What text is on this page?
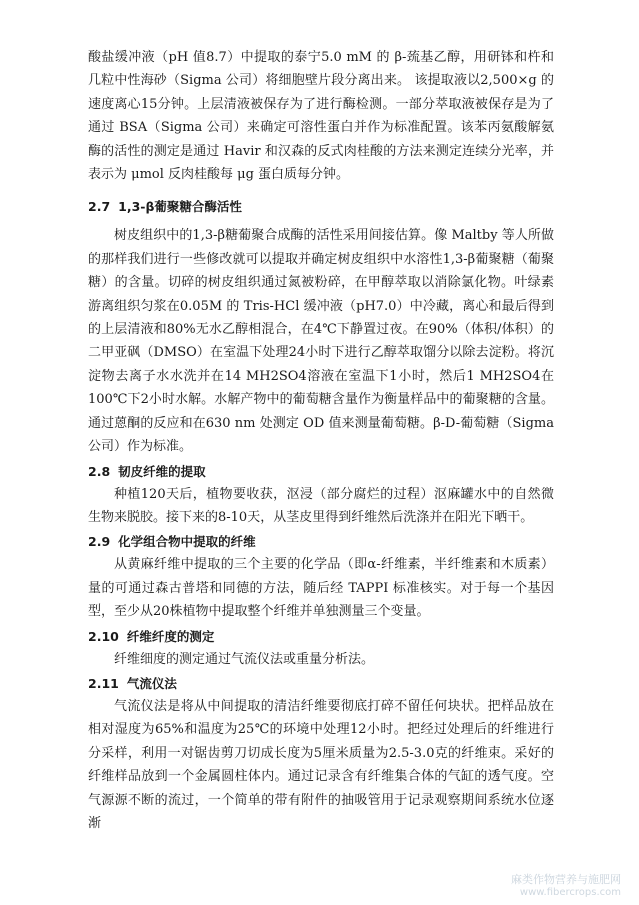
酸盐缓冲液（pH 值8.7）中提取的泰宁5.0 mM 的 β-巯基乙醇，用研钵和杵和几粒中性海砂（Sigma 公司）将细胞壁片段分离出来。 该提取液以2,500×g 的速度离心15分钟。上层清液被保存为了进行酶检测。一部分萃取液被保存是为了通过 BSA（Sigma 公司）来确定可溶性蛋白并作为标准配置。该苯丙氨酸解氨酶的活性的测定是通过 Havir 和汉森的反式肉桂酸的方法来测定连续分光率，并表示为 μmol 反肉桂酸每 μg 蛋白质每分钟。

2.7 1,3-β葡聚糖合酶活性

树皮组织中的1,3-β糖葡聚合成酶的活性采用间接估算。像 Maltby 等人所做的那样我们进行一些修改就可以提取并确定树皮组织中水溶性1,3-β葡聚糖（葡聚糖）的含量。切碎的树皮组织通过氮被粉碎，在甲醇萃取以消除氯化物。叶绿素游离组织匀浆在0.05M 的 Tris-HCl 缓冲液（pH7.0）中冷藏，离心和最后得到的上层清液和80%无水乙醇相混合，在4℃下静置过夜。在90%（体积/体积）的二甲亚砜（DMSO）在室温下处理24小时下进行乙醇萃取馏分以除去淀粉。将沉淀物去离子水水洗并在14 MH2SO4溶液在室温下1小时，然后1 MH2SO4在100℃下2小时水解。水解产物中的葡萄糖含量作为衡量样品中的葡聚糖的含量。通过蒽酮的反应和在630 nm 处测定 OD 值来测量葡萄糖。β-D-葡萄糖（Sigma 公司）作为标准。

2.8 韧皮纤维的提取

种植120天后，植物要收获，沤浸（部分腐烂的过程）沤麻罐水中的自然微生物来脱胶。接下来的8-10天，从茎皮里得到纤维然后洗涤并在阳光下晒干。

2.9 化学组合物中提取的纤维

从黄麻纤维中提取的三个主要的化学品（即α-纤维素，半纤维素和木质素）量的可通过森古普塔和同德的方法，随后经 TAPPI 标准核实。对于每一个基因型，至少从20株植物中提取整个纤维并单独测量三个变量。

2.10 纤维纤度的测定

纤维细度的测定通过气流仪法或重量分析法。

2.11 气流仪法

气流仪法是将从中间提取的清洁纤维要彻底打碎不留任何块状。把样品放在相对湿度为65%和温度为25℃的环境中处理12小时。把经过处理后的纤维进行分采样，利用一对锯齿剪刀切成长度为5厘米质量为2.5-3.0克的纤维束。采好的纤维样品放到一个金属圆柱体内。通过记录含有纤维集合体的气缸的透气度。空气源源不断的流过，一个简单的带有附件的抽吸管用于记录观察期间系统水位逐渐

麻类作物营养与施肥网
www.fibercrops.com
